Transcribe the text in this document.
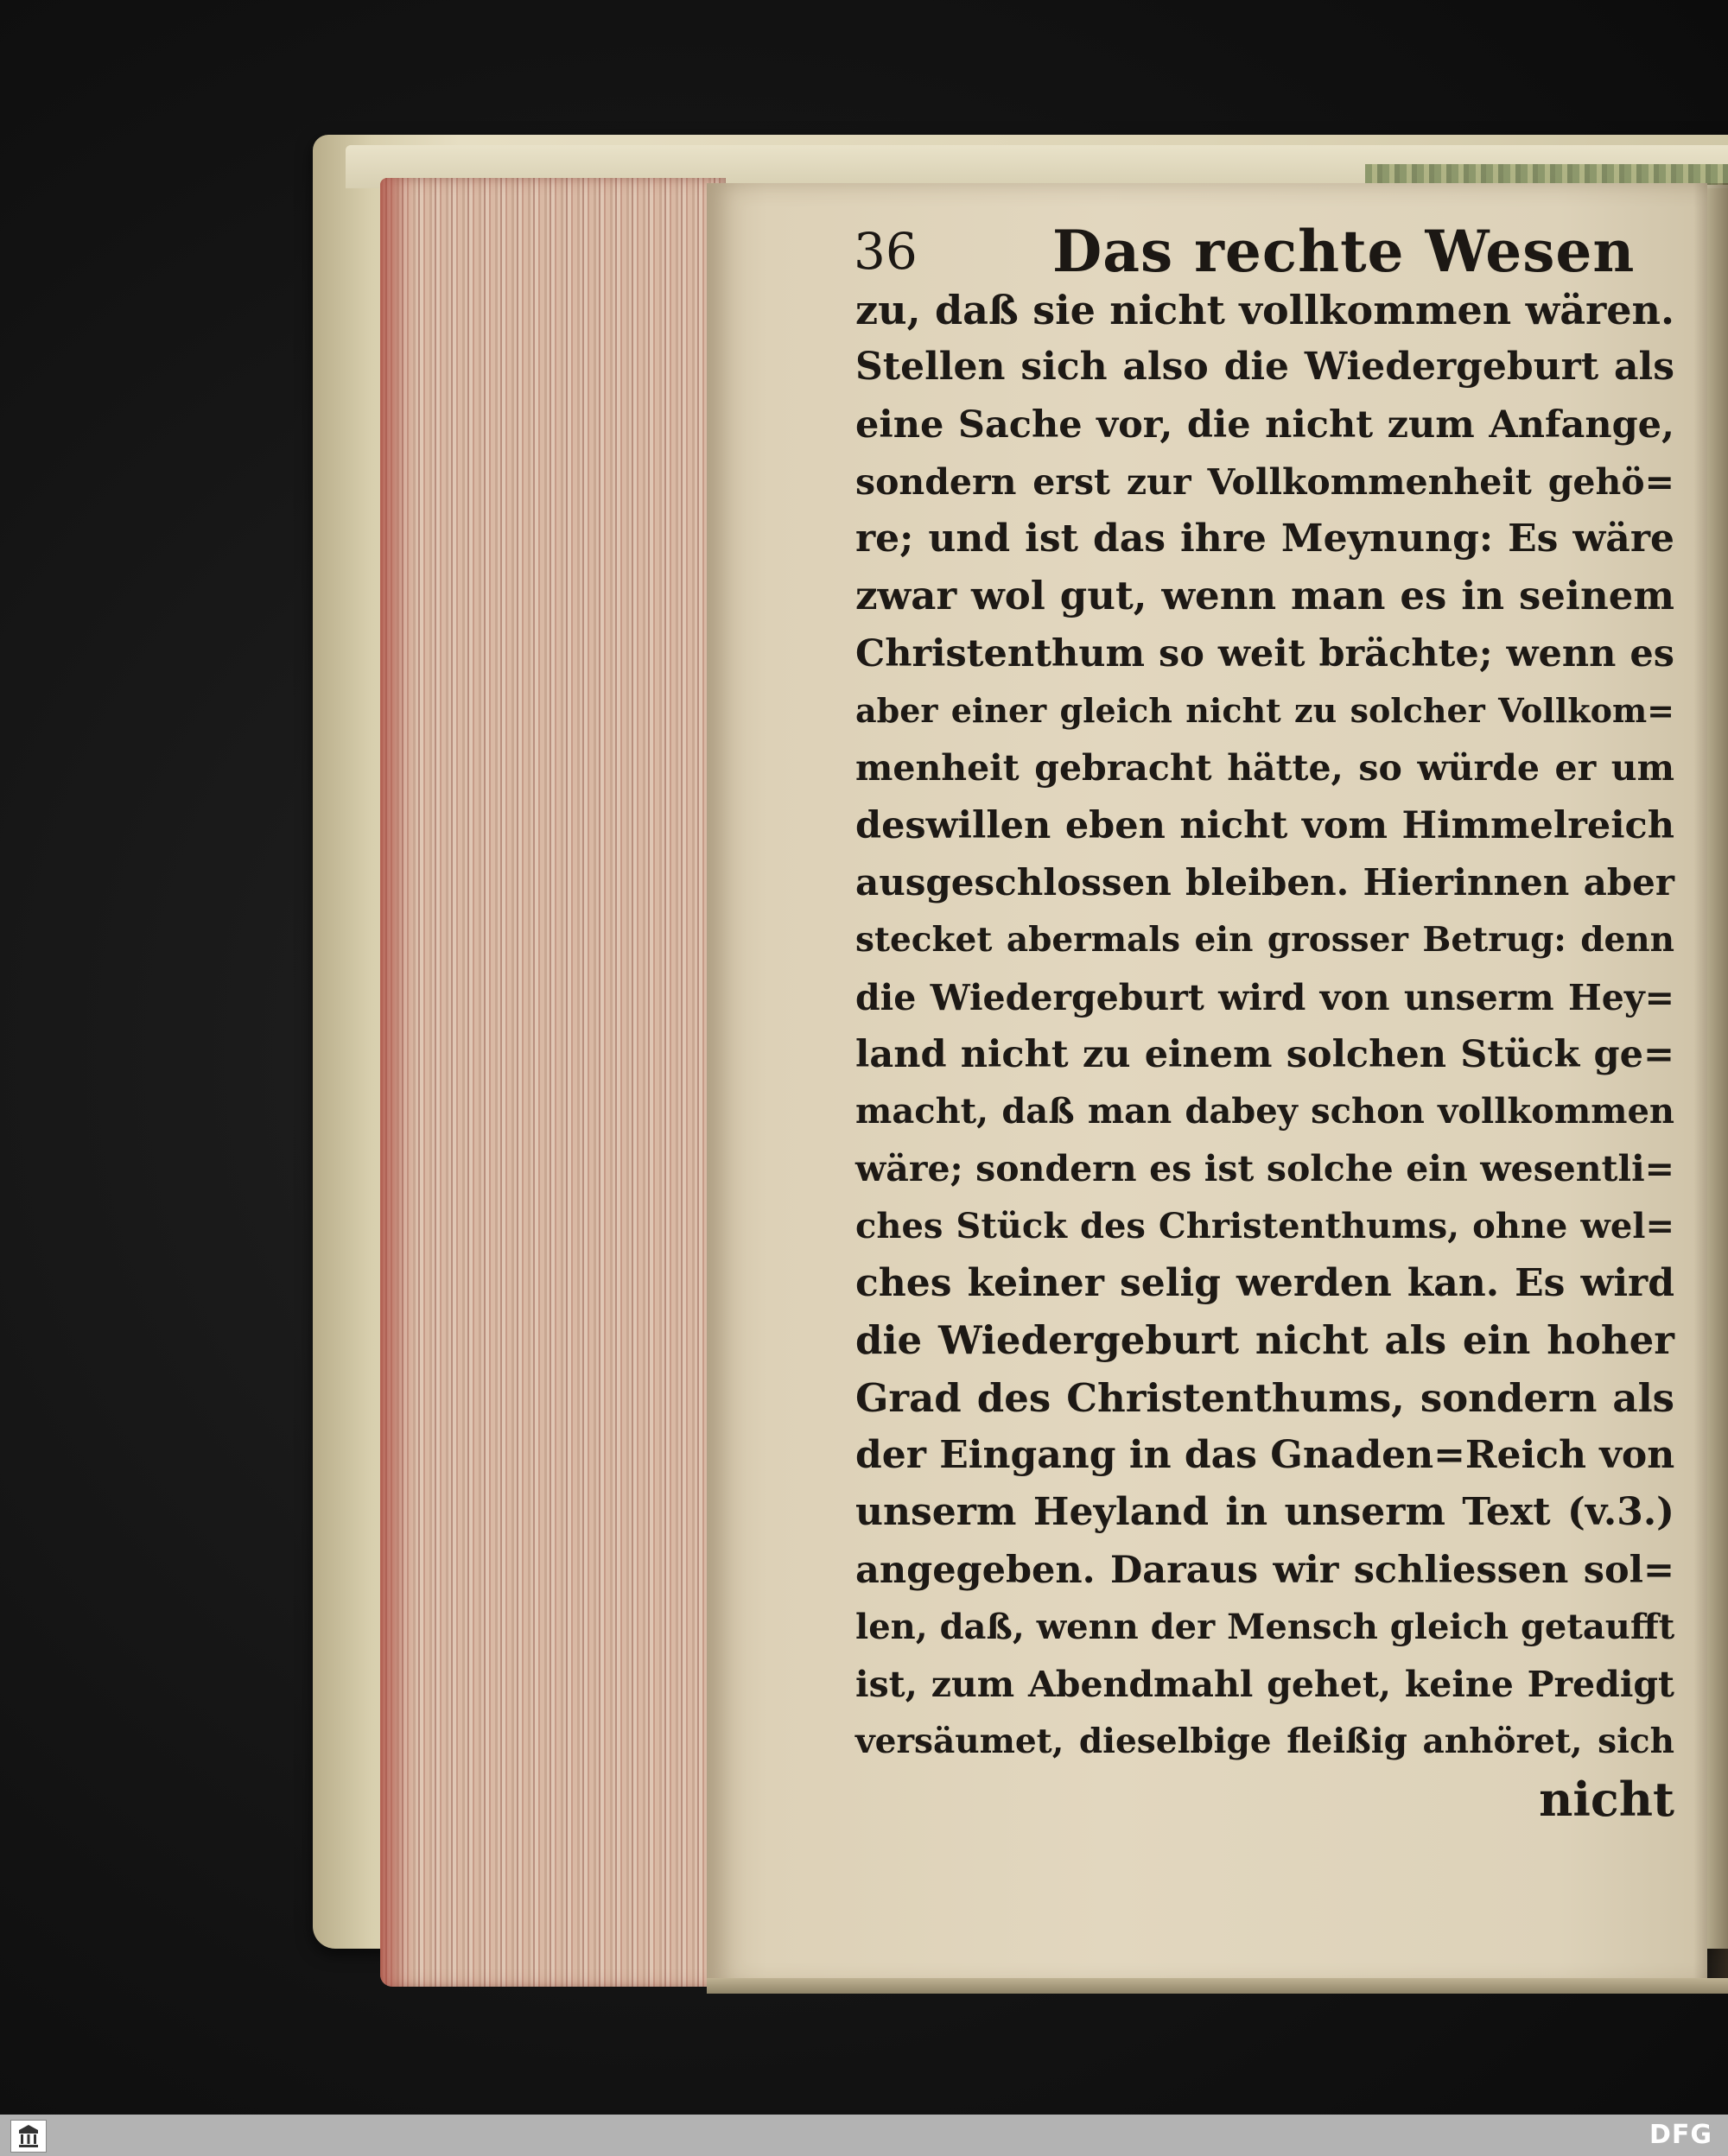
36 Das rechte Wesen
zu, daß sie nicht vollkommen wären.
Stellen sich also die Wiedergeburt als
eine Sache vor, die nicht zum Anfange,
sondern erst zur Vollkommenheit gehö=
re; und ist das ihre Meynung: Es wäre
zwar wol gut, wenn man es in seinem
Christenthum so weit brächte; wenn es
aber einer gleich nicht zu solcher Vollkom=
menheit gebracht hätte, so würde er um
deswillen eben nicht vom Himmelreich
ausgeschlossen bleiben. Hierinnen aber
stecket abermals ein grosser Betrug: denn
die Wiedergeburt wird von unserm Hey=
land nicht zu einem solchen Stück ge=
macht, daß man dabey schon vollkommen
wäre; sondern es ist solche ein wesentli=
ches Stück des Christenthums, ohne wel=
ches keiner selig werden kan. Es wird
die Wiedergeburt nicht als ein hoher
Grad des Christenthums, sondern als
der Eingang in das Gnaden=Reich von
unserm Heyland in unserm Text (v.3.)
angegeben. Daraus wir schliessen sol=
len, daß, wenn der Mensch gleich getaufft
ist, zum Abendmahl gehet, keine Predigt
versäumet, dieselbige fleißig anhöret, sich
nicht
DFG
